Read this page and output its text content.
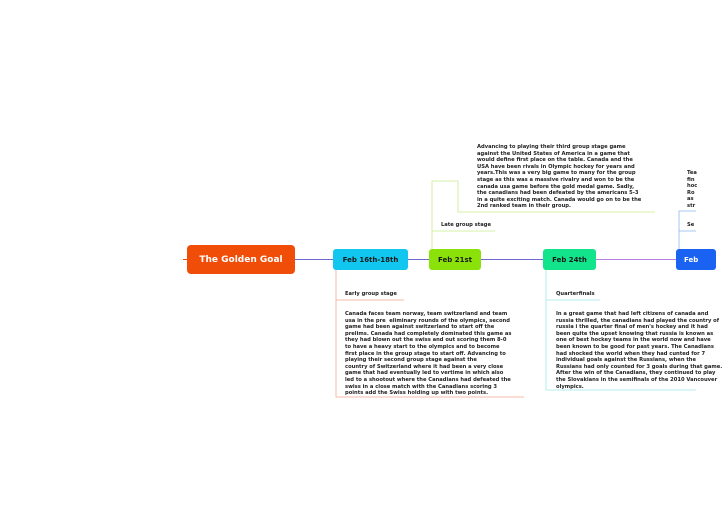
The Golden Goal	Feb 16th-18th	Feb 21st	Feb 24th	Feb
Early group stage
Late group stage
Quarterfinals
Se
Canada faces team norway, team switzerland and team
usa in the pre  eliminary rounds of the olympics, second
game had been against switzerland to start off the
prelims. Canada had completely dominated this game as
they had blown out the swiss and out scoring them 8-0
to have a heavy start to the olympics and to become
first place in the group stage to start off. Advancing to
playing their second group stage against the
country of Switzerland where it had been a very close
game that had eventually led to vertime in which also
led to a shootout where the Canadians had defeated the
swiss in a close match with the Canadians scoring 3
points add the Swiss holding up with two points.
Advancing to playing their third group stage game
against the United States of America in a game that
would define first place on the table. Canada and the
USA have been rivals in Olympic hockey for years and
years.This was a very big game to many for the group
stage as this was a massive rivalry and won to be the
canada usa game before the gold medal game. Sadly,
the canadians had been defeated by the americans 5-3
in a quite exciting match. Canada would go on to be the
2nd ranked team in their group.
In a great game that had left citizens of canada and
russia thrilled, the canadians had played the country of
russia i the quarter final of men's hockey and it had
been quite the upset knowing that russia is known as
one of best hockey teams in the world now and have
been known to be good for past years. The Canadians
had shocked the world when they had cunted for 7
individual goals against the Russians, when the
Russians had only counted for 3 goals during that game.
After the win of the Canadians, they continued to play
the Slovakians in the semifinals of the 2010 Vancouver
olympics.
Tea
fin
hoc
Ro
as
str
